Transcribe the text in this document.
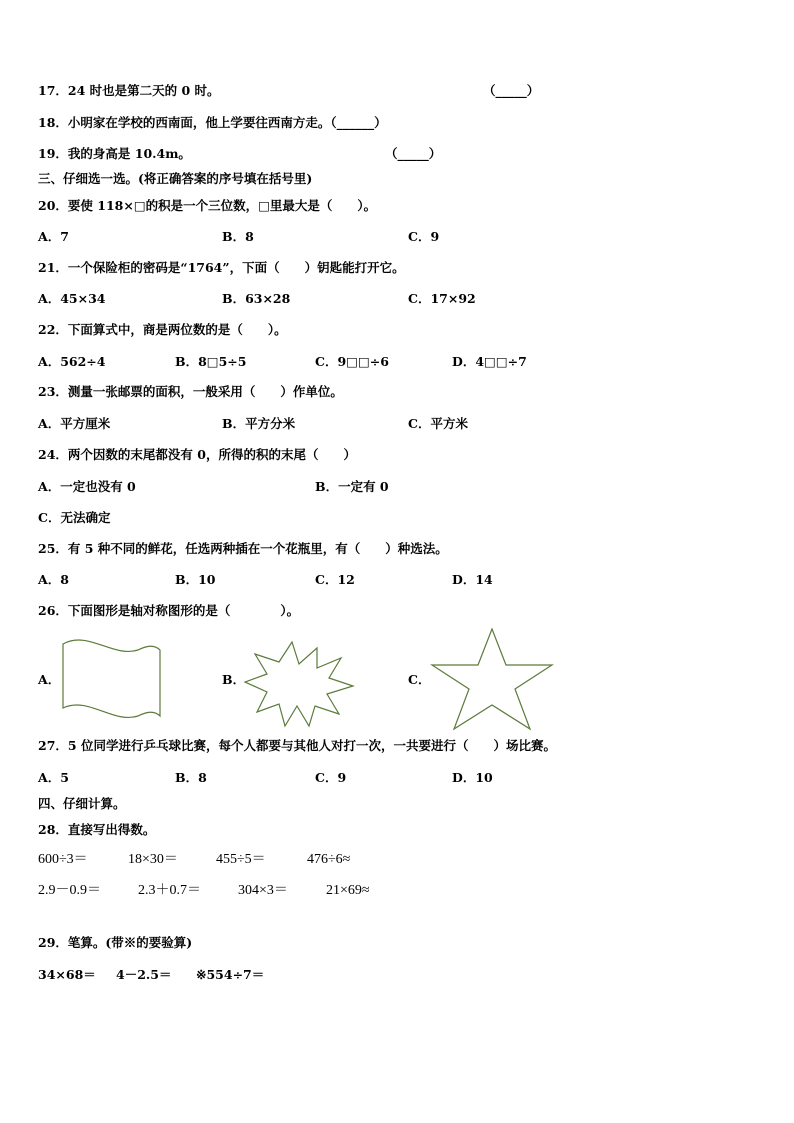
17．24 时也是第二天的 0 时。	（_____）
18．小明家在学校的西南面，他上学要往西南方走。（______）
19．我的身高是 10.4m。	（_____）
三、仔细选一选。(将正确答案的序号填在括号里)
20．要使 118×□的积是一个三位数，□里最大是（　　）。
A．7	B．8	C．9
21．一个保险柜的密码是“1764”，下面（　　）钥匙能打开它。
A．45×34	B．63×28	C．17×92
22．下面算式中，商是两位数的是（　　）。
A．562÷4	B．8□5÷5	C．9□□÷6	D．4□□÷7
23．测量一张邮票的面积，一般采用（　　）作单位。
A．平方厘米	B．平方分米	C．平方米
24．两个因数的末尾都没有 0，所得的积的末尾（　　）
A．一定也没有 0	B．一定有 0
C．无法确定
25．有 5 种不同的鲜花，任选两种插在一个花瓶里，有（　　）种选法。
A．8	B．10	C．12	D．14
26．下面图形是轴对称图形的是（　　　　）。
A．	B．	C．
27．5 位同学进行乒乓球比赛，每个人都要与其他人对打一次，一共要进行（　　）场比赛。
A．5	B．8	C．9	D．10
四、仔细计算。
28．直接写出得数。
600÷3＝	18×30＝	455÷5＝	476÷6≈
2.9－0.9＝	2.3＋0.7＝	304×3＝	21×69≈
29．笔算。(带※的要验算)
34×68＝ 4－2.5＝ ※554÷7＝
